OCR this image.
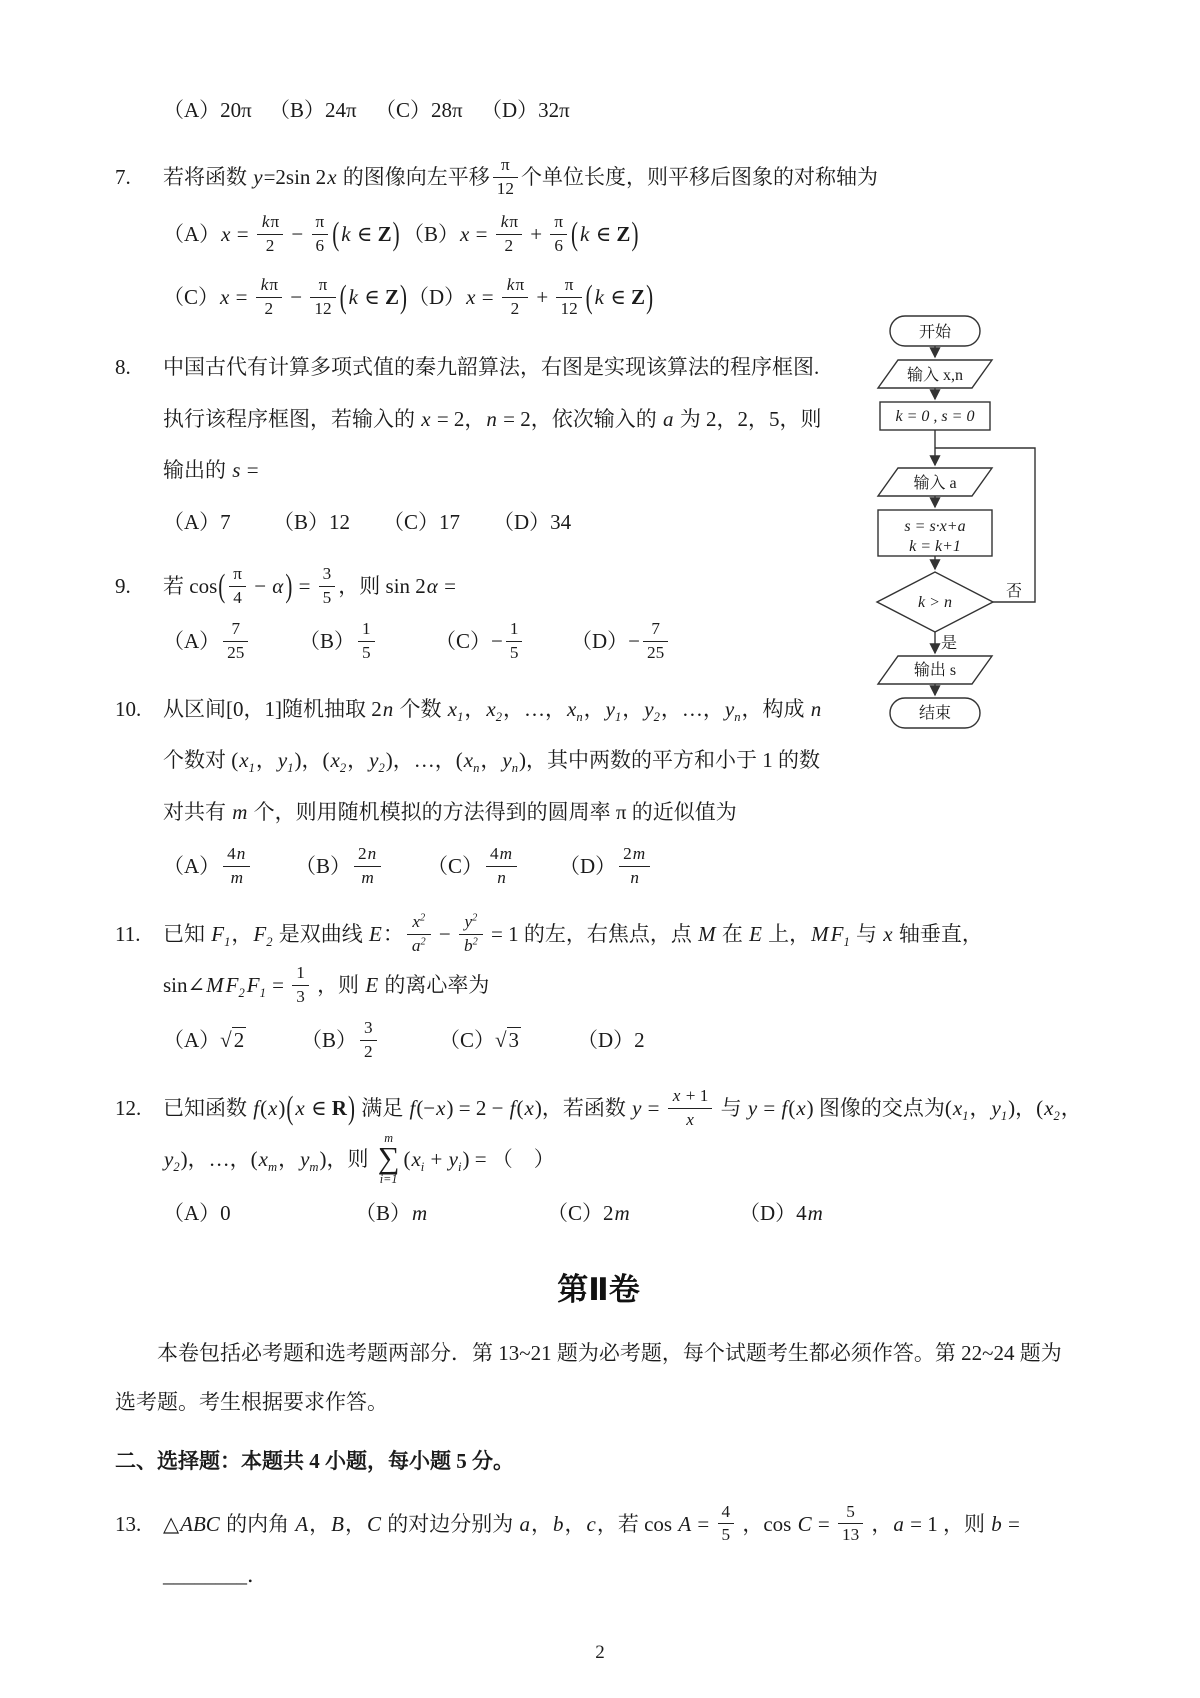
（A）20π （B）24π （C）28π （D）32π
7.	若将函数 y=2sin 2x 的图像向左平移 $\frac{\pi}{12}$ 个单位长度，则平移后图象的对称轴为
$(A)x = \frac{k\pi}{2} - \frac{\pi}{6} (k$ ∈ Z) $(B)x = \frac{k\pi}{2} + \frac{\pi}{6} (k$ ∈ Z)
$(C)x = \frac{k\pi}{2} - \frac{\pi}{12} (k$ ∈ Z) $(D)x = \frac{k\pi}{2} + \frac{\pi}{12} (k$ ∈ Z)
8.	中国古代有计算多项式值的秦九韶算法，右图是实现该算法的程序框图.执行该程序框图，若输入的 x = 2，n = 2，依次输入的 a 为 2，2，5，则输出的 s =
（A）7	（B）12	（C）17	（D）34
9.	若 $\cos( \frac{\pi}{4} - \alpha) = \frac{3}{5}$ ，则 sin 2α =
$(A) \frac{7}{25} (B) \frac{1}{5}$	$(C)- \frac{1}{5} (D)- \frac{7}{25}$
10.	从区间[0，1]随机抽取 2n 个数 $x_1$，$x_2$，…，$x_n$，$y_1$，$y_2$，…，$y_n$，构成 n 个数对 ($x_1$，$y_1$)，($x_2$，$y_2$)，…，($x_n$，$y_n$)，其中两数的平方和小于 1 的数对共有 m 个，则用随机模拟的方法得到的圆周率 π 的近似值为
$(A) \frac{4n}{m} (B) \frac{2n}{m} (C) \frac{4m}{n} (D) \frac{2m}{n}$
11.	已知 $F_1$，$F_2$ 是双曲线 E： $\frac{x^2}{a^2} - \frac{y^2}{b^2} = 1$ 的左，右焦点，点 M 在 E 上，$MF_1$ 与 x 轴垂直，$\sin\angle MF_2F_1 = \frac{1}{3}$ ，则 E 的离心率为
（A）√2	$(B) \frac{3}{2}$	（C）√3	（D）2
12.	已知函数 f(x)(x ∈ R) 满足 f(−x) = 2 − f(x)，若函数 $y = \frac{x + 1}{x}$ 与 y = f(x) 图像的交点为($x_1$，$y_1$)，($x_2$，$y_2$)，…，($x_m$，$y_m$)，则
m
∑
i=1
$(x_i + y_i)$ = （　）
（A）0	（B）m	（C）2m	（D）4m
第Ⅱ卷

本卷包括必考题和选考题两部分．第 13~21 题为必考题，每个试题考生都必须作答。第 22~24 题为选考题。考生根据要求作答。

二、选择题：本题共 4 小题，每小题 5 分。
13.	△ABC 的内角 A，B，C 的对边分别为 a，b，c，若 $\cos A = \frac{4}{5}$ ，$\cos C = \frac{5}{13}$ ，a = 1 ，则 b = ________．
开始
输入 x,n
k = 0 , s = 0
输入 a
s = s·x+a
k = k+1
k > n
否
是
输出 s
结束
2
